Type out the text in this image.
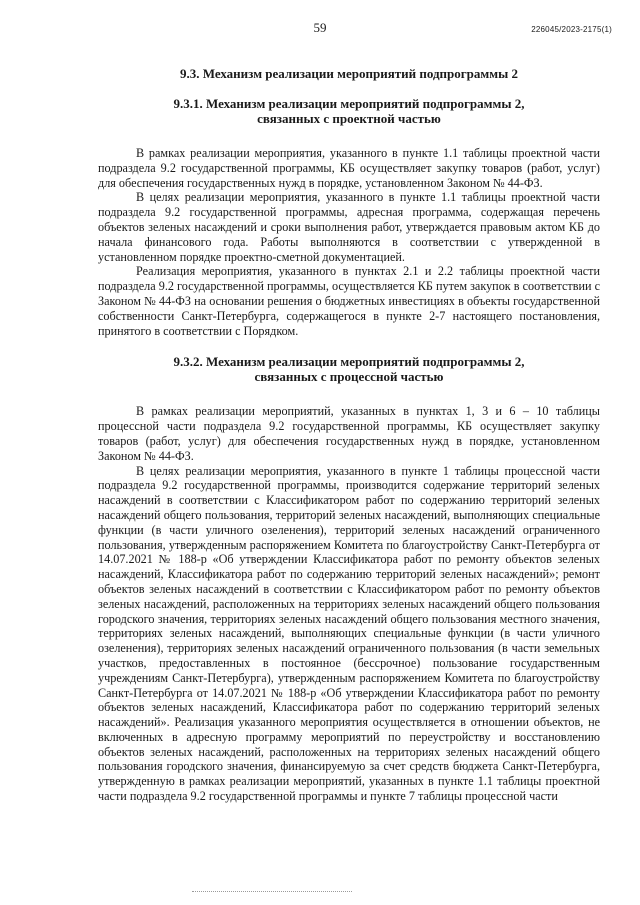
59	226045/2023-2175(1)
9.3. Механизм реализации мероприятий подпрограммы 2
9.3.1. Механизм реализации мероприятий подпрограммы 2,
связанных с проектной частью

В рамках реализации мероприятия, указанного в пункте 1.1 таблицы проектной части подраздела 9.2 государственной программы, КБ осуществляет закупку товаров (работ, услуг) для обеспечения государственных нужд в порядке, установленном Законом № 44-ФЗ.

В целях реализации мероприятия, указанного в пункте 1.1 таблицы проектной части подраздела 9.2 государственной программы, адресная программа, содержащая перечень объектов зеленых насаждений и сроки выполнения работ, утверждается правовым актом КБ до начала финансового года. Работы выполняются в соответствии с утвержденной в установленном порядке проектно-сметной документацией.

Реализация мероприятия, указанного в пунктах 2.1 и 2.2 таблицы проектной части подраздела 9.2 государственной программы, осуществляется КБ путем закупок в соответствии с Законом № 44-ФЗ на основании решения о бюджетных инвестициях в объекты государственной собственности Санкт-Петербурга, содержащегося в пункте 2-7 настоящего постановления, принятого в соответствии с Порядком.

9.3.2. Механизм реализации мероприятий подпрограммы 2,
связанных с процессной частью

В рамках реализации мероприятий, указанных в пунктах 1, 3 и 6 – 10 таблицы процессной части подраздела 9.2 государственной программы, КБ осуществляет закупку товаров (работ, услуг) для обеспечения государственных нужд в порядке, установленном Законом № 44-ФЗ.

В целях реализации мероприятия, указанного в пункте 1 таблицы процессной части подраздела 9.2 государственной программы, производится содержание территорий зеленых насаждений в соответствии с Классификатором работ по содержанию территорий зеленых насаждений общего пользования, территорий зеленых насаждений, выполняющих специальные функции (в части уличного озеленения), территорий зеленых насаждений ограниченного пользования, утвержденным распоряжением Комитета по благоустройству Санкт-Петербурга от 14.07.2021 № 188-р «Об утверждении Классификатора работ по ремонту объектов зеленых насаждений, Классификатора работ по содержанию территорий зеленых насаждений»; ремонт объектов зеленых насаждений в соответствии с Классификатором работ по ремонту объектов зеленых насаждений, расположенных на территориях зеленых насаждений общего пользования городского значения, территориях зеленых насаждений общего пользования местного значения, территориях зеленых насаждений, выполняющих специальные функции (в части уличного озеленения), территориях зеленых насаждений ограниченного пользования (в части земельных участков, предоставленных в постоянное (бессрочное) пользование государственным учреждениям Санкт-Петербурга), утвержденным распоряжением Комитета по благоустройству Санкт-Петербурга от 14.07.2021 № 188-р «Об утверждении Классификатора работ по ремонту объектов зеленых насаждений, Классификатора работ по содержанию территорий зеленых насаждений». Реализация указанного мероприятия осуществляется в отношении объектов, не включенных в адресную программу мероприятий по переустройству и восстановлению объектов зеленых насаждений, расположенных на территориях зеленых насаждений общего пользования городского значения, финансируемую за счет средств бюджета Санкт-Петербурга, утвержденную в рамках реализации мероприятий, указанных в пункте 1.1 таблицы проектной части подраздела 9.2 государственной программы и пункте 7 таблицы процессной части
